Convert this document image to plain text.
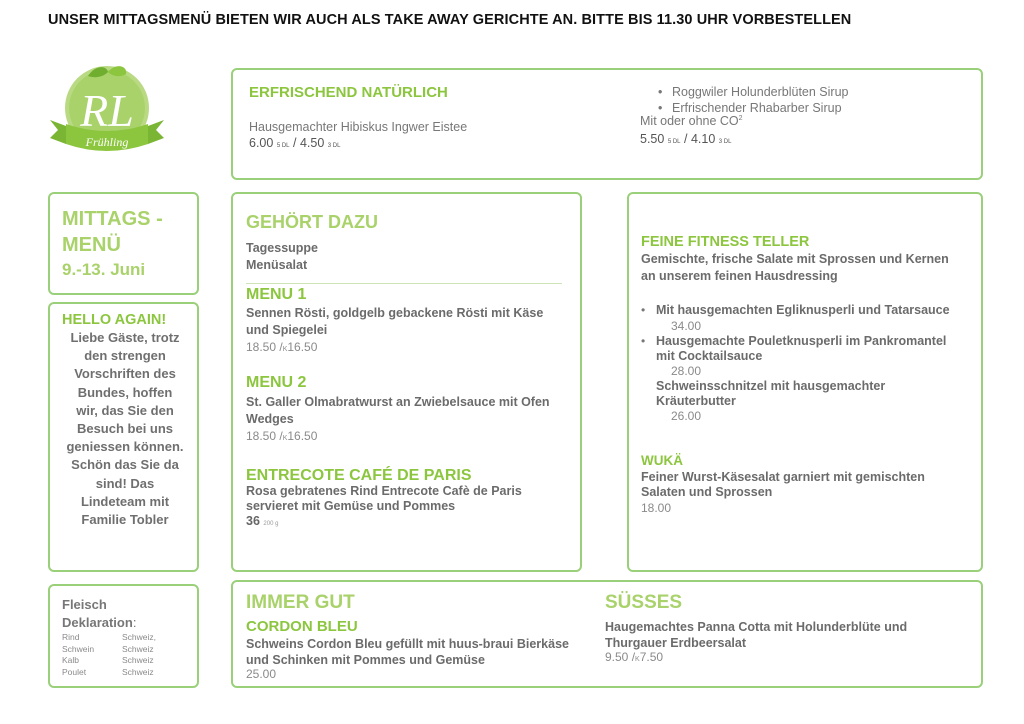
UNSER MITTAGSMENÜ BIETEN WIR AUCH ALS TAKE AWAY GERICHTE AN. BITTE BIS 11.30 UHR VORBESTELLEN
RL
Frühling
ERFRISCHEND NATÜRLICH
Hausgemachter Hibiskus Ingwer Eistee
6.00 5 DL / 4.50 3 DL
• Roggwiler Holunderblüten Sirup
• Erfrischender Rhabarber Sirup
Mit oder ohne $CO^2$
5.50 5 DL / 4.10 3 DL
MITTAGS -
MENÜ
9.-13. Juni
HELLO AGAIN!
Liebe Gäste, trotz
den strengen
Vorschriften des
Bundes, hoffen
wir, das Sie den
Besuch bei uns
geniessen können.
Schön das Sie da
sind! Das
Lindeteam mit
Familie Tobler
Fleisch
Deklaration:
Rind	Schweiz,
Schwein	Schweiz
Kalb	Schweiz
Poulet	Schweiz
GEHÖRT DAZU
Tagessuppe
Menüsalat
MENU 1
Sennen Rösti, goldgelb gebackene Rösti mit Käse
und Spiegelei
18.50 /K16.50
MENU 2
St. Galler Olmabratwurst an Zwiebelsauce mit Ofen
Wedges
18.50 /K16.50
ENTRECOTE CAFÉ DE PARIS
Rosa gebratenes Rind Entrecote Cafè de Paris
servieret mit Gemüse und Pommes
36 200 g
FEINE FITNESS TELLER
Gemischte, frische Salate mit Sprossen und Kernen
an unserem feinen Hausdressing
• Mit hausgemachten Egliknusperli und Tatarsauce
34.00
• Hausgemachte Pouletknusperli im Pankromantel
mit Cocktailsauce
28.00
Schweinsschnitzel mit hausgemachter
Kräuterbutter
26.00
WUKÄ
Feiner Wurst-Käsesalat garniert mit gemischten
Salaten und Sprossen
18.00
IMMER GUT
CORDON BLEU
Schweins Cordon Bleu gefüllt mit huus-braui Bierkäse
und Schinken mit Pommes und Gemüse
25.00
SÜSSES
Haugemachtes Panna Cotta mit Holunderblüte und
Thurgauer Erdbeersalat
9.50 /K7.50
